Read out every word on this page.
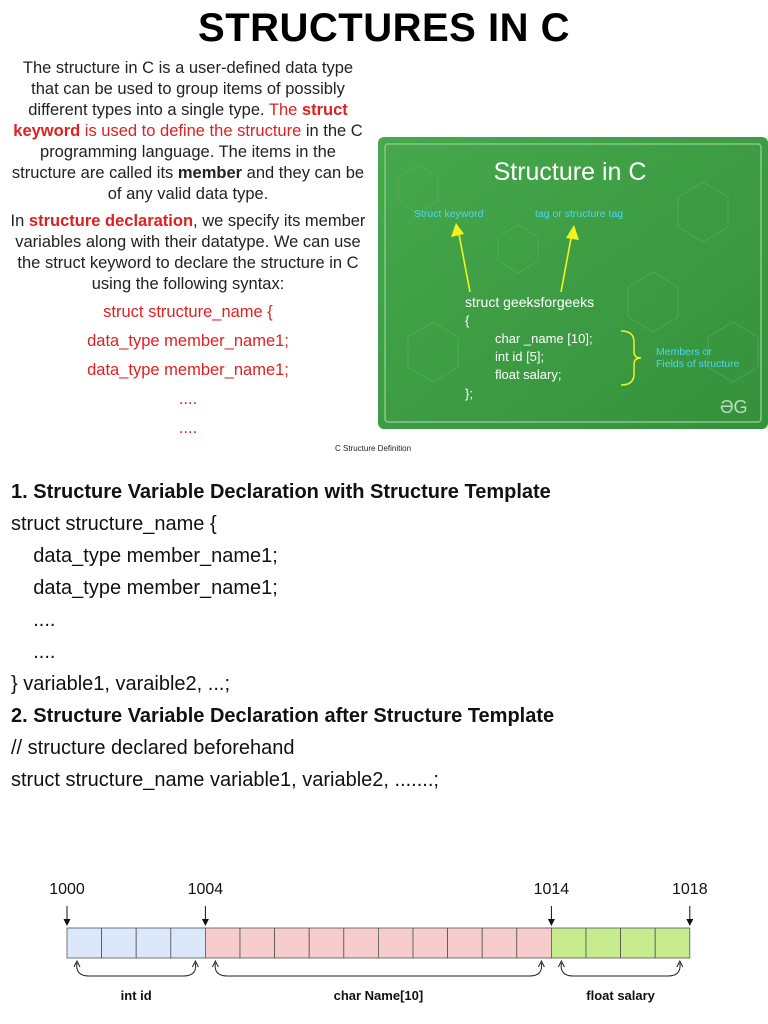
STRUCTURES IN C

The structure in C is a user-defined data type that can be used to group items of possibly different types into a single type. The struct keyword is used to define the structure in the C programming language. The items in the structure are called its member and they can be of any valid data type.

In structure declaration, we specify its member variables along with their datatype. We can use the struct keyword to declare the structure in C using the following syntax:

struct structure_name {
data_type member_name1;
data_type member_name1;
....
....
Structure in C
Struct keyword	tag or structure tag
struct geeksforgeeks
{
char _name [10];
int id [5];
float salary;
};
Members or
Fields of structure
ƏG
C Structure Definition
1. Structure Variable Declaration with Structure Template
struct structure_name {
data_type member_name1;
data_type member_name1;
....
....
} variable1, varaible2, ...;
2. Structure Variable Declaration after Structure Template
// structure declared beforehand
struct structure_name variable1, variable2, .......;
1000	1004	1014	1018
int id	char Name[10]	float salary
